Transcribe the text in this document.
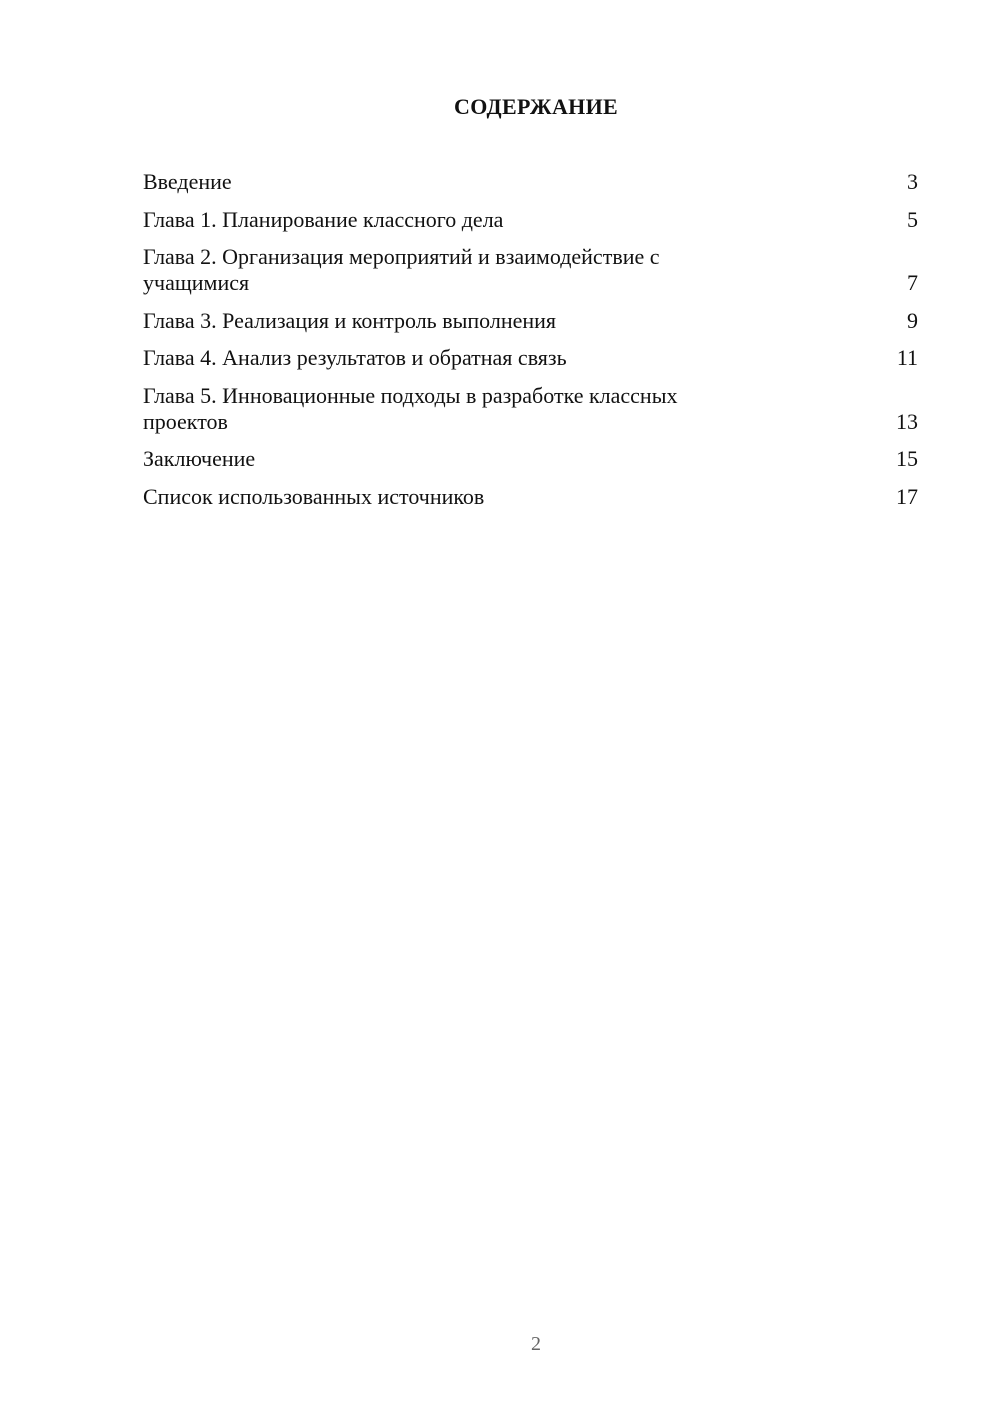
СОДЕРЖАНИЕ
Введение	3
Глава 1. Планирование классного дела	5
Глава 2. Организация мероприятий и взаимодействие с учащимися	7
Глава 3. Реализация и контроль выполнения	9
Глава 4. Анализ результатов и обратная связь	11
Глава 5. Инновационные подходы в разработке классных проектов	13
Заключение	15
Список использованных источников	17
2
